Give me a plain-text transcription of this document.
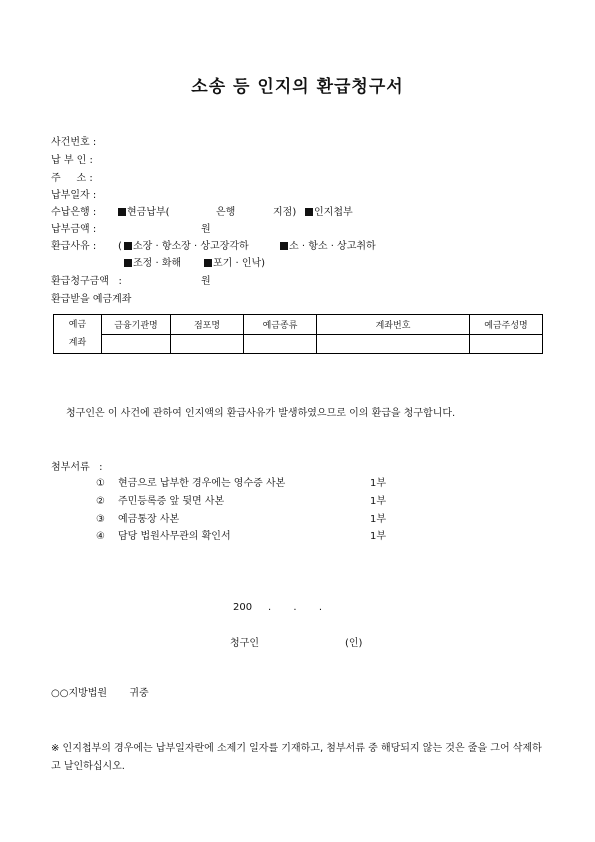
소송 등 인지의 환급청구서
사건번호 :
납 부 인 :
주     소 :
납부일자 :
수납은행 :	현금납부(	은행	지점)	인지첩부
납부금액 :	원
환급사유 : (	소장 · 항소장 · 상고장각하	소 · 항소 · 상고취하
조정 · 화해	포기 · 인낙)
환급청구금액   :	원
환급받을 예금계좌
예금
계좌	금융기관명	점포명	예금종류	계좌번호	예금주성명

청구인은 이 사건에 관하여 인지액의 환급사유가 발생하였으므로 이의 환급을 청구합니다.
첨부서류   :
① 현금으로 납부한 경우에는 영수증 사본	1부
② 주민등록증 앞 뒷면 사본	1부
③ 예금통장 사본	1부
④ 담당 법원사무관의 확인서	1부
200     .       .       .
청구인	(인)
○○지방법원       귀중
※ 인지첩부의 경우에는 납부일자란에 소제기 일자를 기재하고, 첨부서류 중 해당되지 않는 것은 줄을 그어 삭제하고 날인하십시오.
